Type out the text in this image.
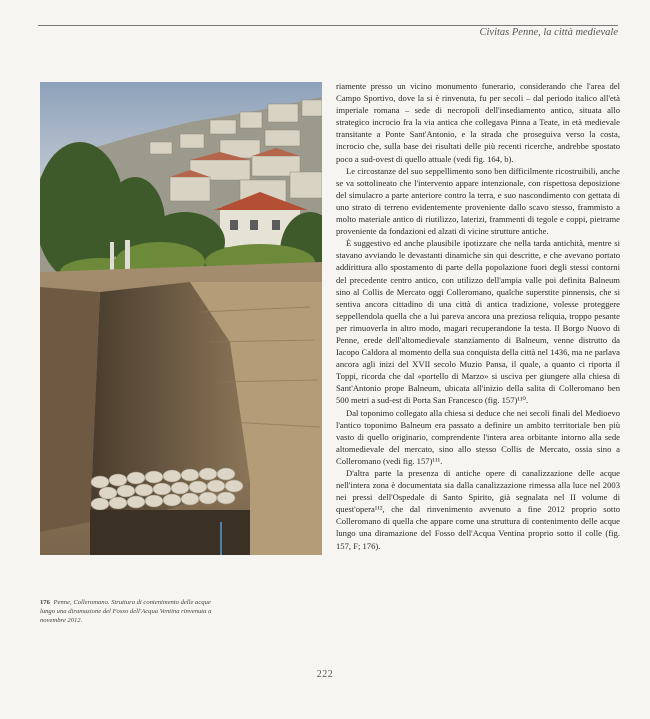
Civitas Penne, la città medievale
176 Penne, Colleromano. Struttura di contenimento delle acque lungo una diramazione del Fosso dell'Acqua Ventina rinvenuta a novembre 2012.

riamente presso un vicino monumento funerario, considerando che l'area del Campo Sportivo, dove la si è rinvenuta, fu per secoli – dal periodo italico all'età imperiale romana – sede di necropoli dell'insediamento antico, situata allo strategico incrocio fra la via antica che collegava Pinna a Teate, in età medievale transitante a Ponte Sant'Antonio, e la strada che proseguiva verso la costa, incrocio che, sulla base dei risultati delle più recenti ricerche, andrebbe spostato poco a sud-ovest di quello attuale (vedi fig. 164, b).

Le circostanze del suo seppellimento sono ben difficilmente ricostruibili, anche se va sottolineato che l'intervento appare intenzionale, con rispettosa deposizione del simulacro a parte anteriore contro la terra, e suo nascondimento con gettata di uno strato di terreno evidentemente proveniente dallo scavo stesso, frammisto a molto materiale antico di riutilizzo, laterizi, frammenti di tegole e coppi, pietrame proveniente da fondazioni ed alzati di vicine strutture antiche.

È suggestivo ed anche plausibile ipotizzare che nella tarda antichità, mentre si stavano avviando le devastanti dinamiche sin qui descritte, e che avevano portato addirittura allo spostamento di parte della popolazione fuori degli stessi contorni del precedente centro antico, con utilizzo dell'ampia valle poi definita Balneum sino al Collis de Mercato oggi Colleromano, qualche superstite pinnensis, che si sentiva ancora cittadino di una città di antica tradizione, volesse proteggere seppellendola quella che a lui pareva ancora una preziosa reliquia, troppo pesante per rimuoverla in altro modo, magari recuperandone la testa. Il Borgo Nuovo di Penne, erede dell'altomedievale stanziamento di Balneum, venne distrutto da Iacopo Caldora al momento della sua conquista della città nel 1436, ma ne parlava ancora agli inizi del XVII secolo Muzio Pansa, il quale, a quanto ci riporta il Toppi, ricorda che dal «portello di Marzo» si usciva per giungere alla chiesa di Sant'Antonio prope Balneum, ubicata all'inizio della salita di Colleromano ben 500 metri a sud-est di Porta San Francesco (fig. 157)¹¹⁰.

Dal toponimo collegato alla chiesa si deduce che nei secoli finali del Medioevo l'antico toponimo Balneum era passato a definire un ambito territoriale ben più vasto di quello originario, comprendente l'intera area orbitante intorno alla sede altomedievale del mercato, sino allo stesso Collis de Mercato, ossia sino a Colleromano (vedi fig. 157)¹¹¹.

D'altra parte la presenza di antiche opere di canalizzazione delle acque nell'intera zona è documentata sia dalla canalizzazione rimessa alla luce nel 2003 nei pressi dell'Ospedale di Santo Spirito, già segnalata nel II volume di quest'opera¹¹², che dal rinvenimento avvenuto a fine 2012 proprio sotto Colleromano di quella che appare come una struttura di contenimento delle acque lungo una diramazione del Fosso dell'Acqua Ventina proprio sotto il colle (fig. 157, F; 176).

222
